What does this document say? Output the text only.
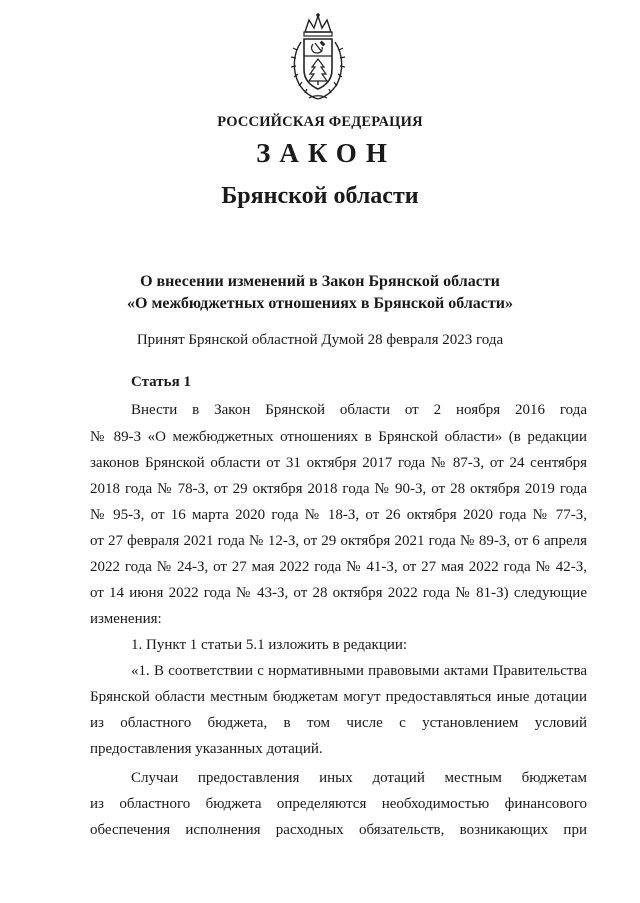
РОССИЙСКАЯ ФЕДЕРАЦИЯ
ЗАКОН
Брянской области
О внесении изменений в Закон Брянской области
«О межбюджетных отношениях в Брянской области»
Принят Брянской областной Думой 28 февраля 2023 года
Статья 1
Внести в Закон Брянской области от 2 ноября 2016 года
№ 89-З «О межбюджетных отношениях в Брянской области» (в редакции
законов Брянской области от 31 октября 2017 года № 87-З, от 24 сентября
2018 года № 78-З, от 29 октября 2018 года № 90-З, от 28 октября 2019 года
№ 95-З, от 16 марта 2020 года № 18-З, от 26 октября 2020 года № 77-З,
от 27 февраля 2021 года № 12-З, от 29 октября 2021 года № 89-З, от 6 апреля
2022 года № 24-З, от 27 мая 2022 года № 41-З, от 27 мая 2022 года № 42-З,
от 14 июня 2022 года № 43-З, от 28 октября 2022 года № 81-З) следующие
изменения:
1. Пункт 1 статьи 5.1 изложить в редакции:
«1. В соответствии с нормативными правовыми актами Правительства
Брянской области местным бюджетам могут предоставляться иные дотации
из областного бюджета, в том числе с установлением условий
предоставления указанных дотаций.
Случаи предоставления иных дотаций местным бюджетам
из областного бюджета определяются необходимостью финансового
обеспечения исполнения расходных обязательств, возникающих при
